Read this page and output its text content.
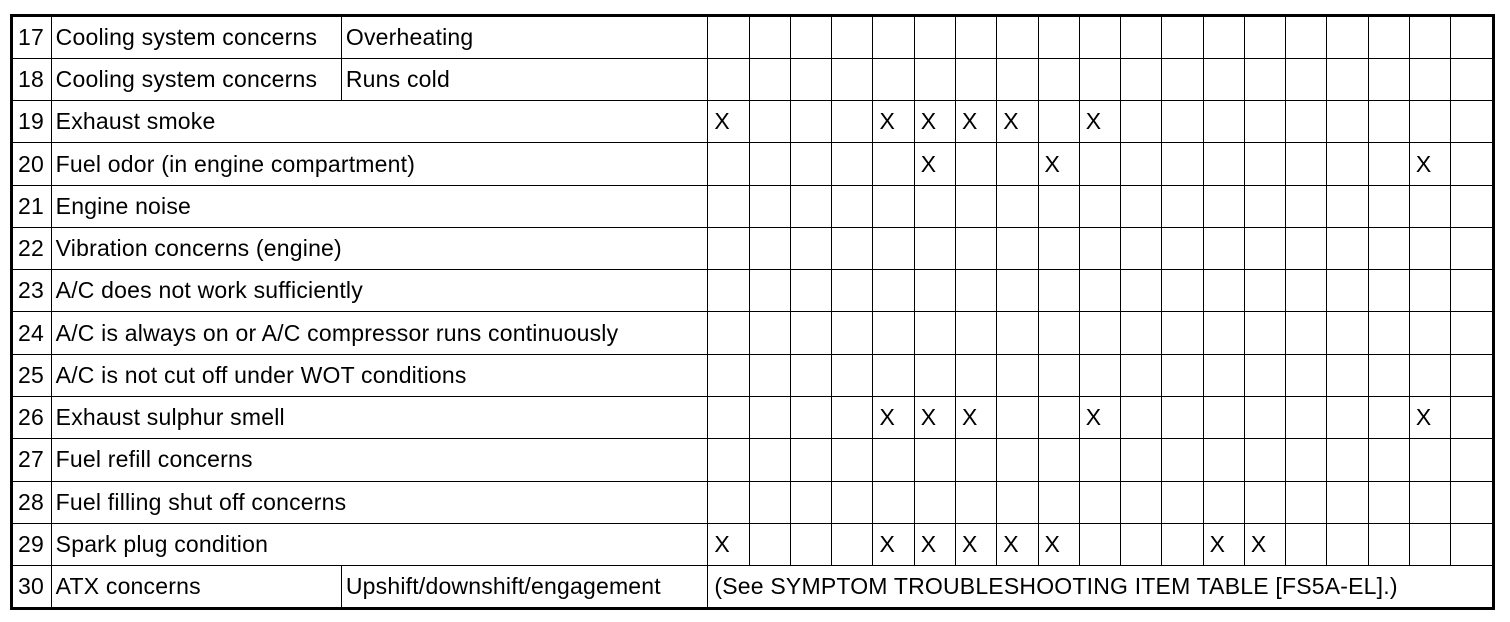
17	Cooling system concerns	Overheating																			
18	Cooling system concerns	Runs cold																			
19	Exhaust smoke		X				X	X	X	X		X									
20	Fuel odor (in engine compartment)							X			X									X	
21	Engine noise																				
22	Vibration concerns (engine)																				
23	A/C does not work sufficiently																				
24	A/C is always on or A/C compressor runs continuously																				
25	A/C is not cut off under WOT conditions																				
26	Exhaust sulphur smell						X	X	X			X								X	
27	Fuel refill concerns																				
28	Fuel filling shut off concerns																				
29	Spark plug condition		X				X	X	X	X	X				X	X					
30	ATX concerns	Upshift/downshift/engagement	(See SYMPTOM TROUBLESHOOTING ITEM TABLE [FS5A-EL].)																		
